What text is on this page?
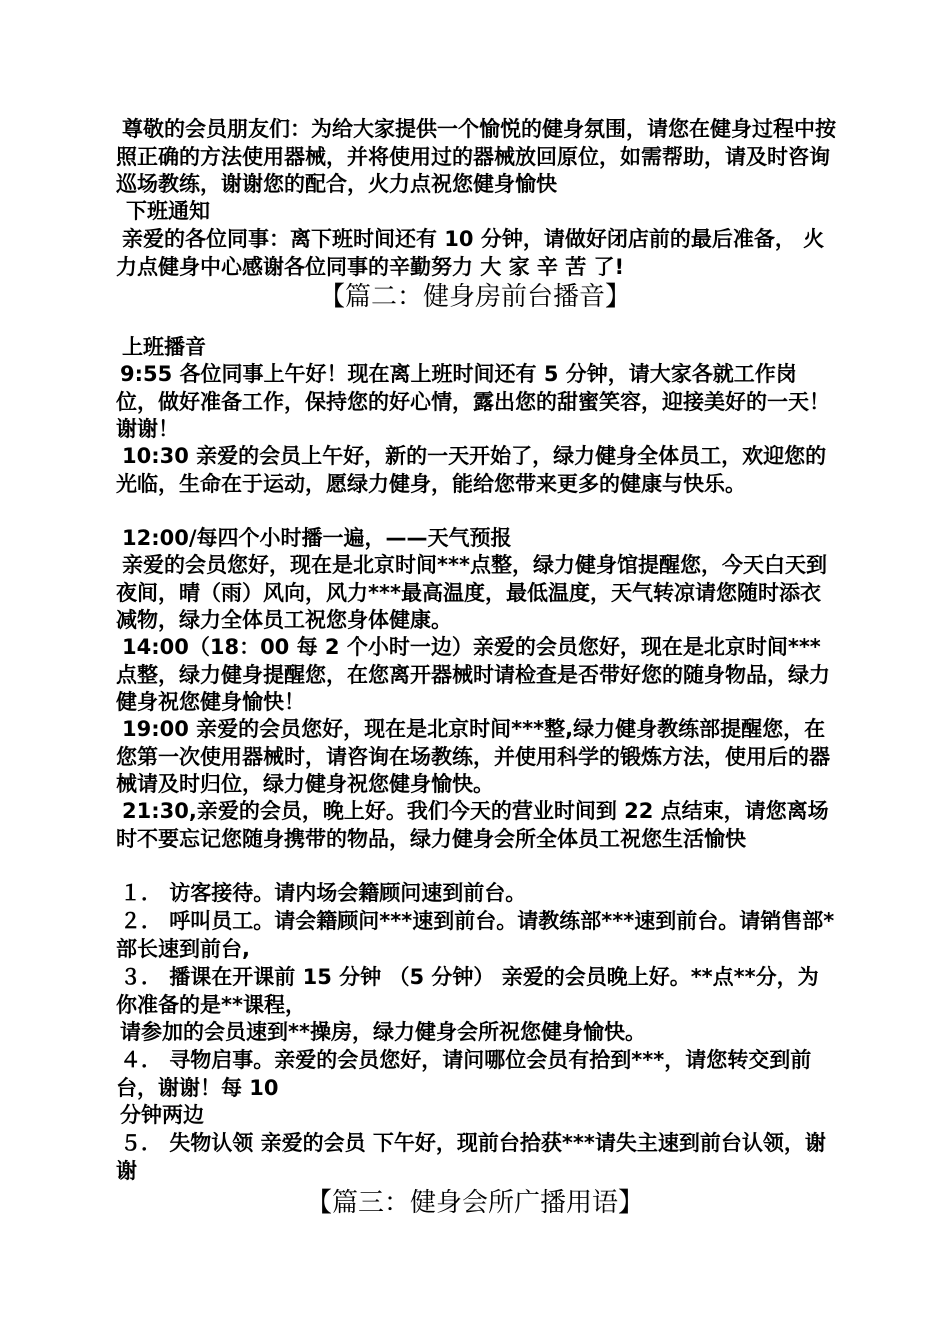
尊敬的会员朋友们：为给大家提供一个愉悦的健身氛围，请您在健身过程中按照正确的方法使用器械，并将使用过的器械放回原位，如需帮助，请及时咨询巡场教练，谢谢您的配合，火力点祝您健身愉快
下班通知
亲爱的各位同事：离下班时间还有 10 分钟，请做好闭店前的最后准备， 火力点健身中心感谢各位同事的辛勤努力 大 家 辛 苦 了!
【篇二：健身房前台播音】
上班播音
9:55 各位同事上午好！现在离上班时间还有 5 分钟，请大家各就工作岗位，做好准备工作，保持您的好心情，露出您的甜蜜笑容，迎接美好的一天！谢谢！
10:30 亲爱的会员上午好，新的一天开始了，绿力健身全体员工，欢迎您的光临，生命在于运动，愿绿力健身，能给您带来更多的健康与快乐。
12:00/每四个小时播一遍，——天气预报
亲爱的会员您好，现在是北京时间***点整，绿力健身馆提醒您，今天白天到夜间，晴（雨）风向，风力***最高温度，最低温度，天气转凉请您随时添衣减物，绿力全体员工祝您身体健康。
14:00（18：00 每 2 个小时一边）亲爱的会员您好，现在是北京时间***点整，绿力健身提醒您，在您离开器械时请检查是否带好您的随身物品，绿力健身祝您健身愉快！
19:00 亲爱的会员您好，现在是北京时间***整,绿力健身教练部提醒您，在您第一次使用器械时，请咨询在场教练，并使用科学的锻炼方法，使用后的器械请及时归位，绿力健身祝您健身愉快。
21:30,亲爱的会员，晚上好。我们今天的营业时间到 22 点结束，请您离场时不要忘记您随身携带的物品，绿力健身会所全体员工祝您生活愉快
１． 访客接待。请内场会籍顾问速到前台。
２． 呼叫员工。请会籍顾问***速到前台。请教练部***速到前台。请销售部*部长速到前台,
３． 播课在开课前 15 分钟 （5 分钟） 亲爱的会员晚上好。**点**分，为你准备的是**课程，
请参加的会员速到**操房，绿力健身会所祝您健身愉快。
４． 寻物启事。亲爱的会员您好，请问哪位会员有拾到***，请您转交到前台，谢谢！每 10
分钟两边
５． 失物认领 亲爱的会员 下午好，现前台拾获***请失主速到前台认领，谢谢
【篇三：健身会所广播用语】
